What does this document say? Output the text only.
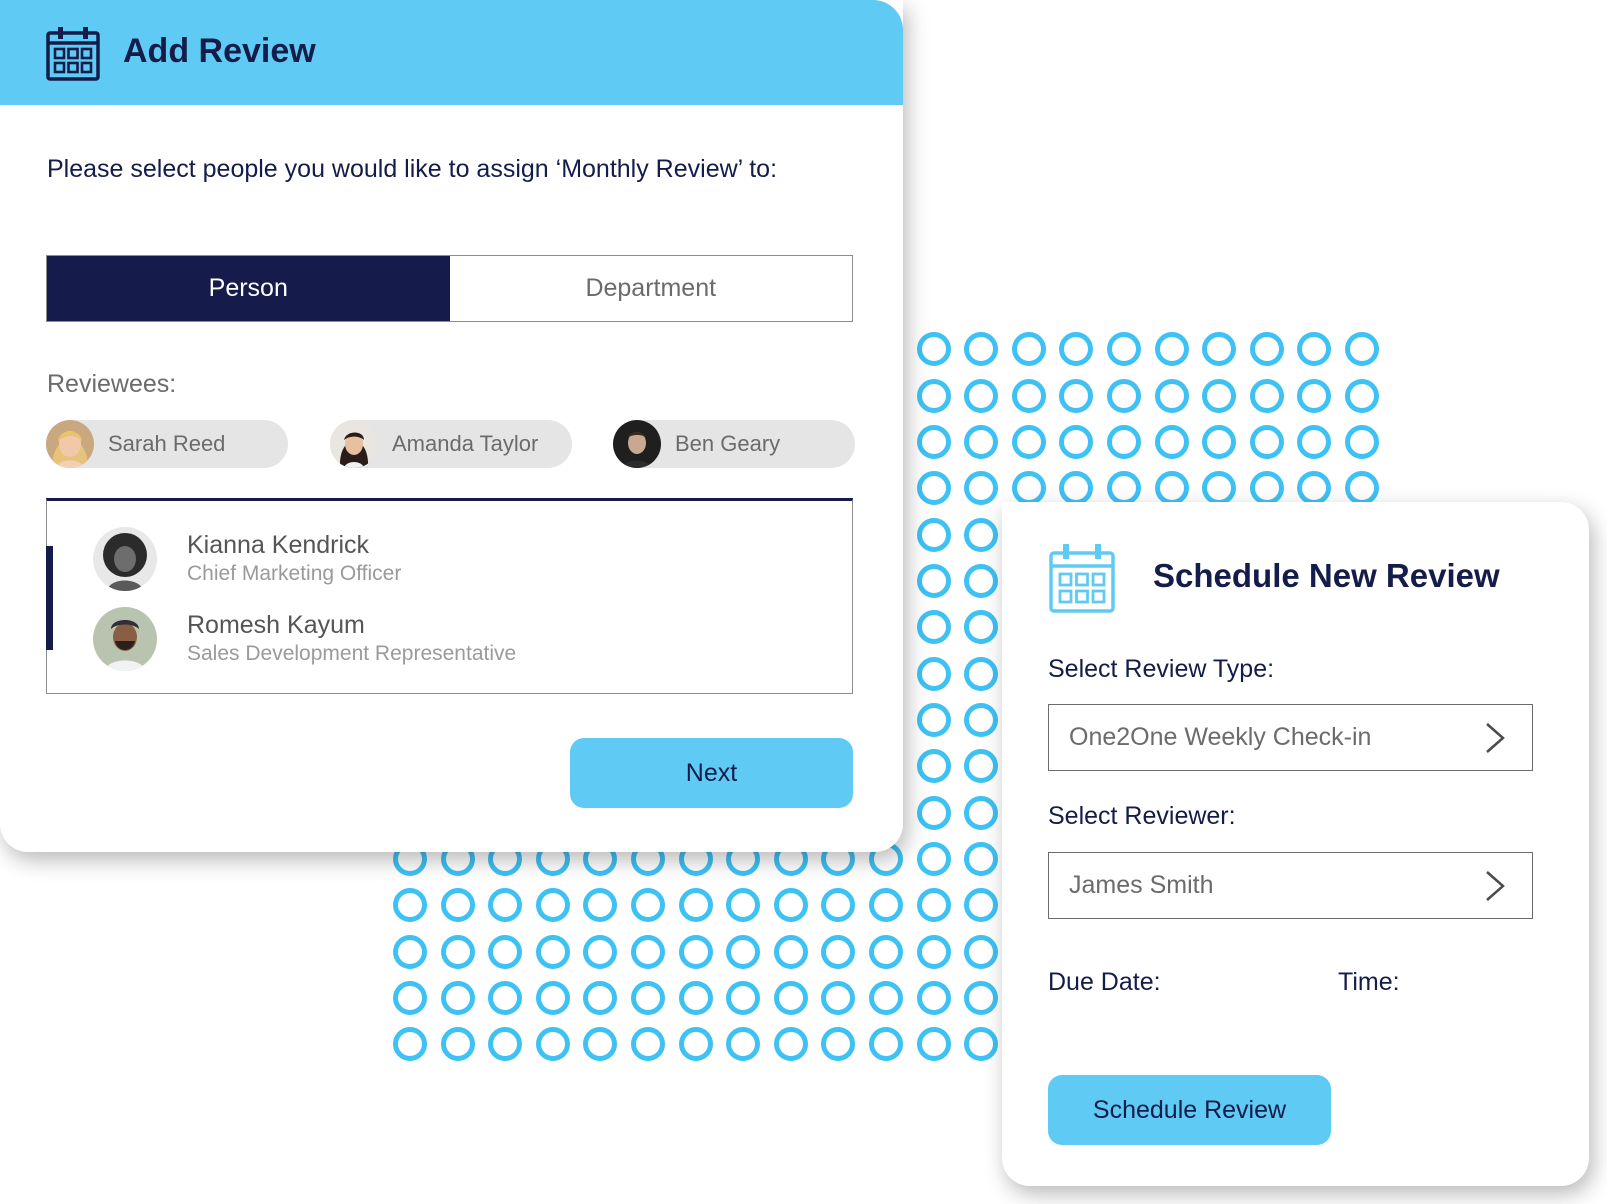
Add Review
Please select people you would like to assign ‘Monthly Review’ to:
Person	Department
Reviewees:
Sarah Reed	Amanda Taylor	Ben Geary
Kianna Kendrick
Chief Marketing Officer
Romesh Kayum
Sales Development Representative
Next
Schedule New Review
Select Review Type:
One2One Weekly Check-in
Select Reviewer:
James Smith
Due Date:	Time:
Schedule Review
